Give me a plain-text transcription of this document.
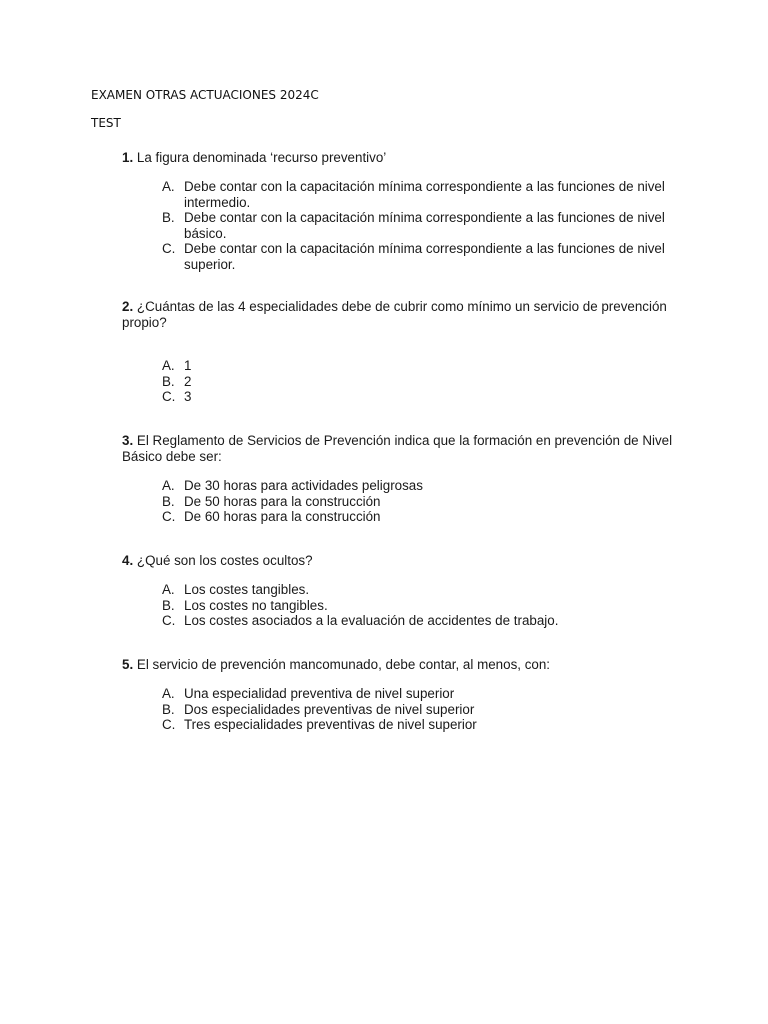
EXAMEN OTRAS ACTUACIONES 2024C
TEST

1. La figura denominada ‘recurso preventivo’

A. Debe contar con la capacitación mínima correspondiente a las funciones de nivel intermedio.
B. Debe contar con la capacitación mínima correspondiente a las funciones de nivel básico.
C. Debe contar con la capacitación mínima correspondiente a las funciones de nivel superior.

2. ¿Cuántas de las 4 especialidades debe de cubrir como mínimo un servicio de prevención propio?

A. 1
B. 2
C. 3

3. El Reglamento de Servicios de Prevención indica que la formación en prevención de Nivel Básico debe ser:

A. De 30 horas para actividades peligrosas
B. De 50 horas para la construcción
C. De 60 horas para la construcción

4. ¿Qué son los costes ocultos?

A. Los costes tangibles.
B. Los costes no tangibles.
C. Los costes asociados a la evaluación de accidentes de trabajo.

5. El servicio de prevención mancomunado, debe contar, al menos, con:

A. Una especialidad preventiva de nivel superior
B. Dos especialidades preventivas de nivel superior
C. Tres especialidades preventivas de nivel superior
